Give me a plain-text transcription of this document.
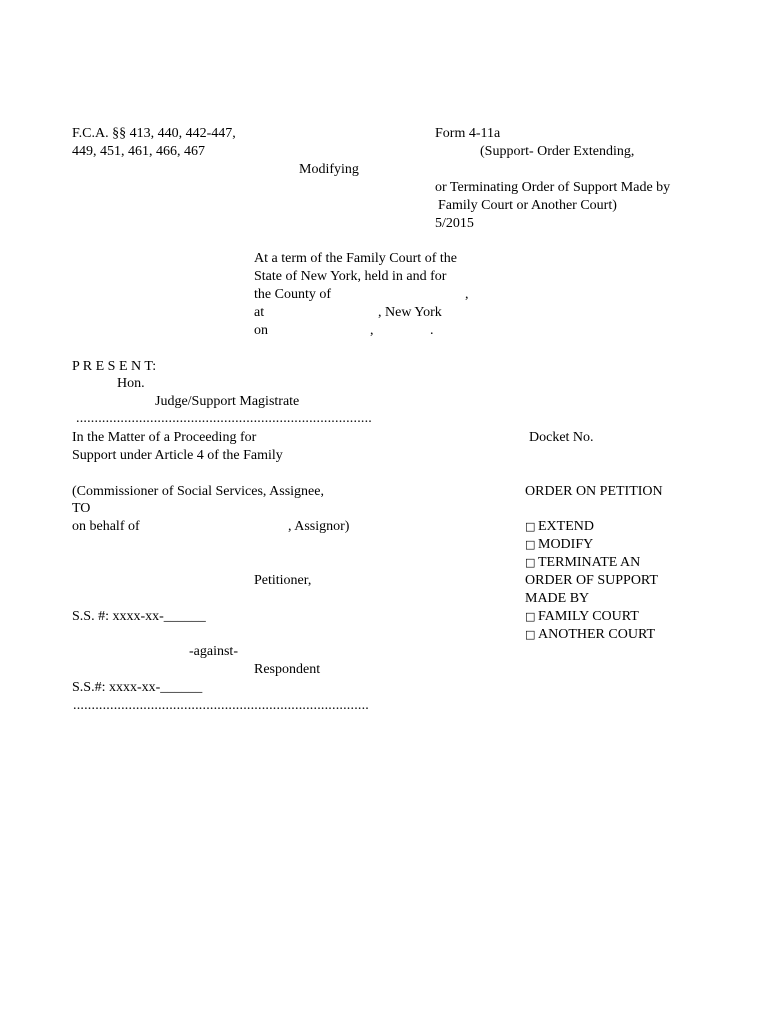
F.C.A. §§ 413, 440, 442-447,
449, 451, 461, 466, 467
Form 4-11a
(Support- Order Extending,
Modifying
or Terminating Order of Support Made by
Family Court or Another Court)
5/2015
At a term of the Family Court of the
State of New York, held in and for
the County of	,
at	, New York
on	,	.
P R E S E N T:
Hon.
Judge/Support Magistrate
................................................................................
In the Matter of a Proceeding for
Support under Article 4 of the Family
(Commissioner of Social Services, Assignee,
TO
on behalf of	, Assignor)
Petitioner,
S.S. #: xxxx-xx-______
-against-
Respondent
S.S.#: xxxx-xx-______
................................................................................
Docket No.
ORDER ON PETITION
□ EXTEND
□ MODIFY
□ TERMINATE AN
ORDER OF SUPPORT
MADE BY
□ FAMILY COURT
□ ANOTHER COURT
